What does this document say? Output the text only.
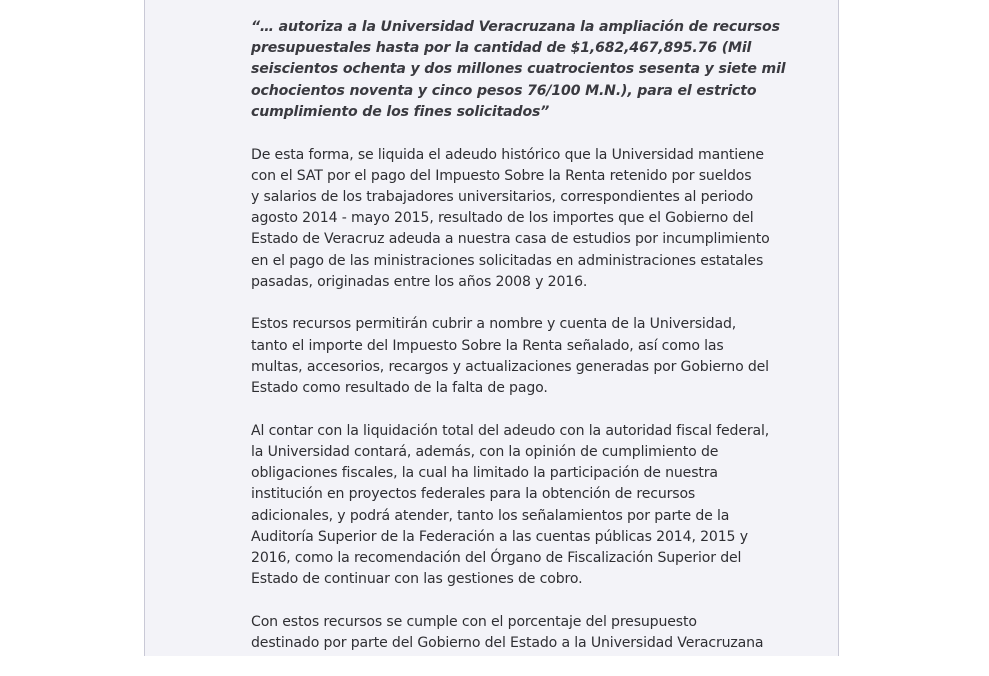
“… autoriza a la Universidad Veracruzana la ampliación de recursos
presupuestales hasta por la cantidad de $1,682,467,895.76 (Mil
seiscientos ochenta y dos millones cuatrocientos sesenta y siete mil
ochocientos noventa y cinco pesos 76/100 M.N.), para el estricto
cumplimiento de los fines solicitados”
De esta forma, se liquida el adeudo histórico que la Universidad mantiene
con el SAT por el pago del Impuesto Sobre la Renta retenido por sueldos
y salarios de los trabajadores universitarios, correspondientes al periodo
agosto 2014 - mayo 2015, resultado de los importes que el Gobierno del
Estado de Veracruz adeuda a nuestra casa de estudios por incumplimiento
en el pago de las ministraciones solicitadas en administraciones estatales
pasadas, originadas entre los años 2008 y 2016.
Estos recursos permitirán cubrir a nombre y cuenta de la Universidad,
tanto el importe del Impuesto Sobre la Renta señalado, así como las
multas, accesorios, recargos y actualizaciones generadas por Gobierno del
Estado como resultado de la falta de pago.
Al contar con la liquidación total del adeudo con la autoridad fiscal federal,
la Universidad contará, además, con la opinión de cumplimiento de
obligaciones fiscales, la cual ha limitado la participación de nuestra
institución en proyectos federales para la obtención de recursos
adicionales, y podrá atender, tanto los señalamientos por parte de la
Auditoría Superior de la Federación a las cuentas públicas 2014, 2015 y
2016, como la recomendación del Órgano de Fiscalización Superior del
Estado de continuar con las gestiones de cobro.
Con estos recursos se cumple con el porcentaje del presupuesto
destinado por parte del Gobierno del Estado a la Universidad Veracruzana
